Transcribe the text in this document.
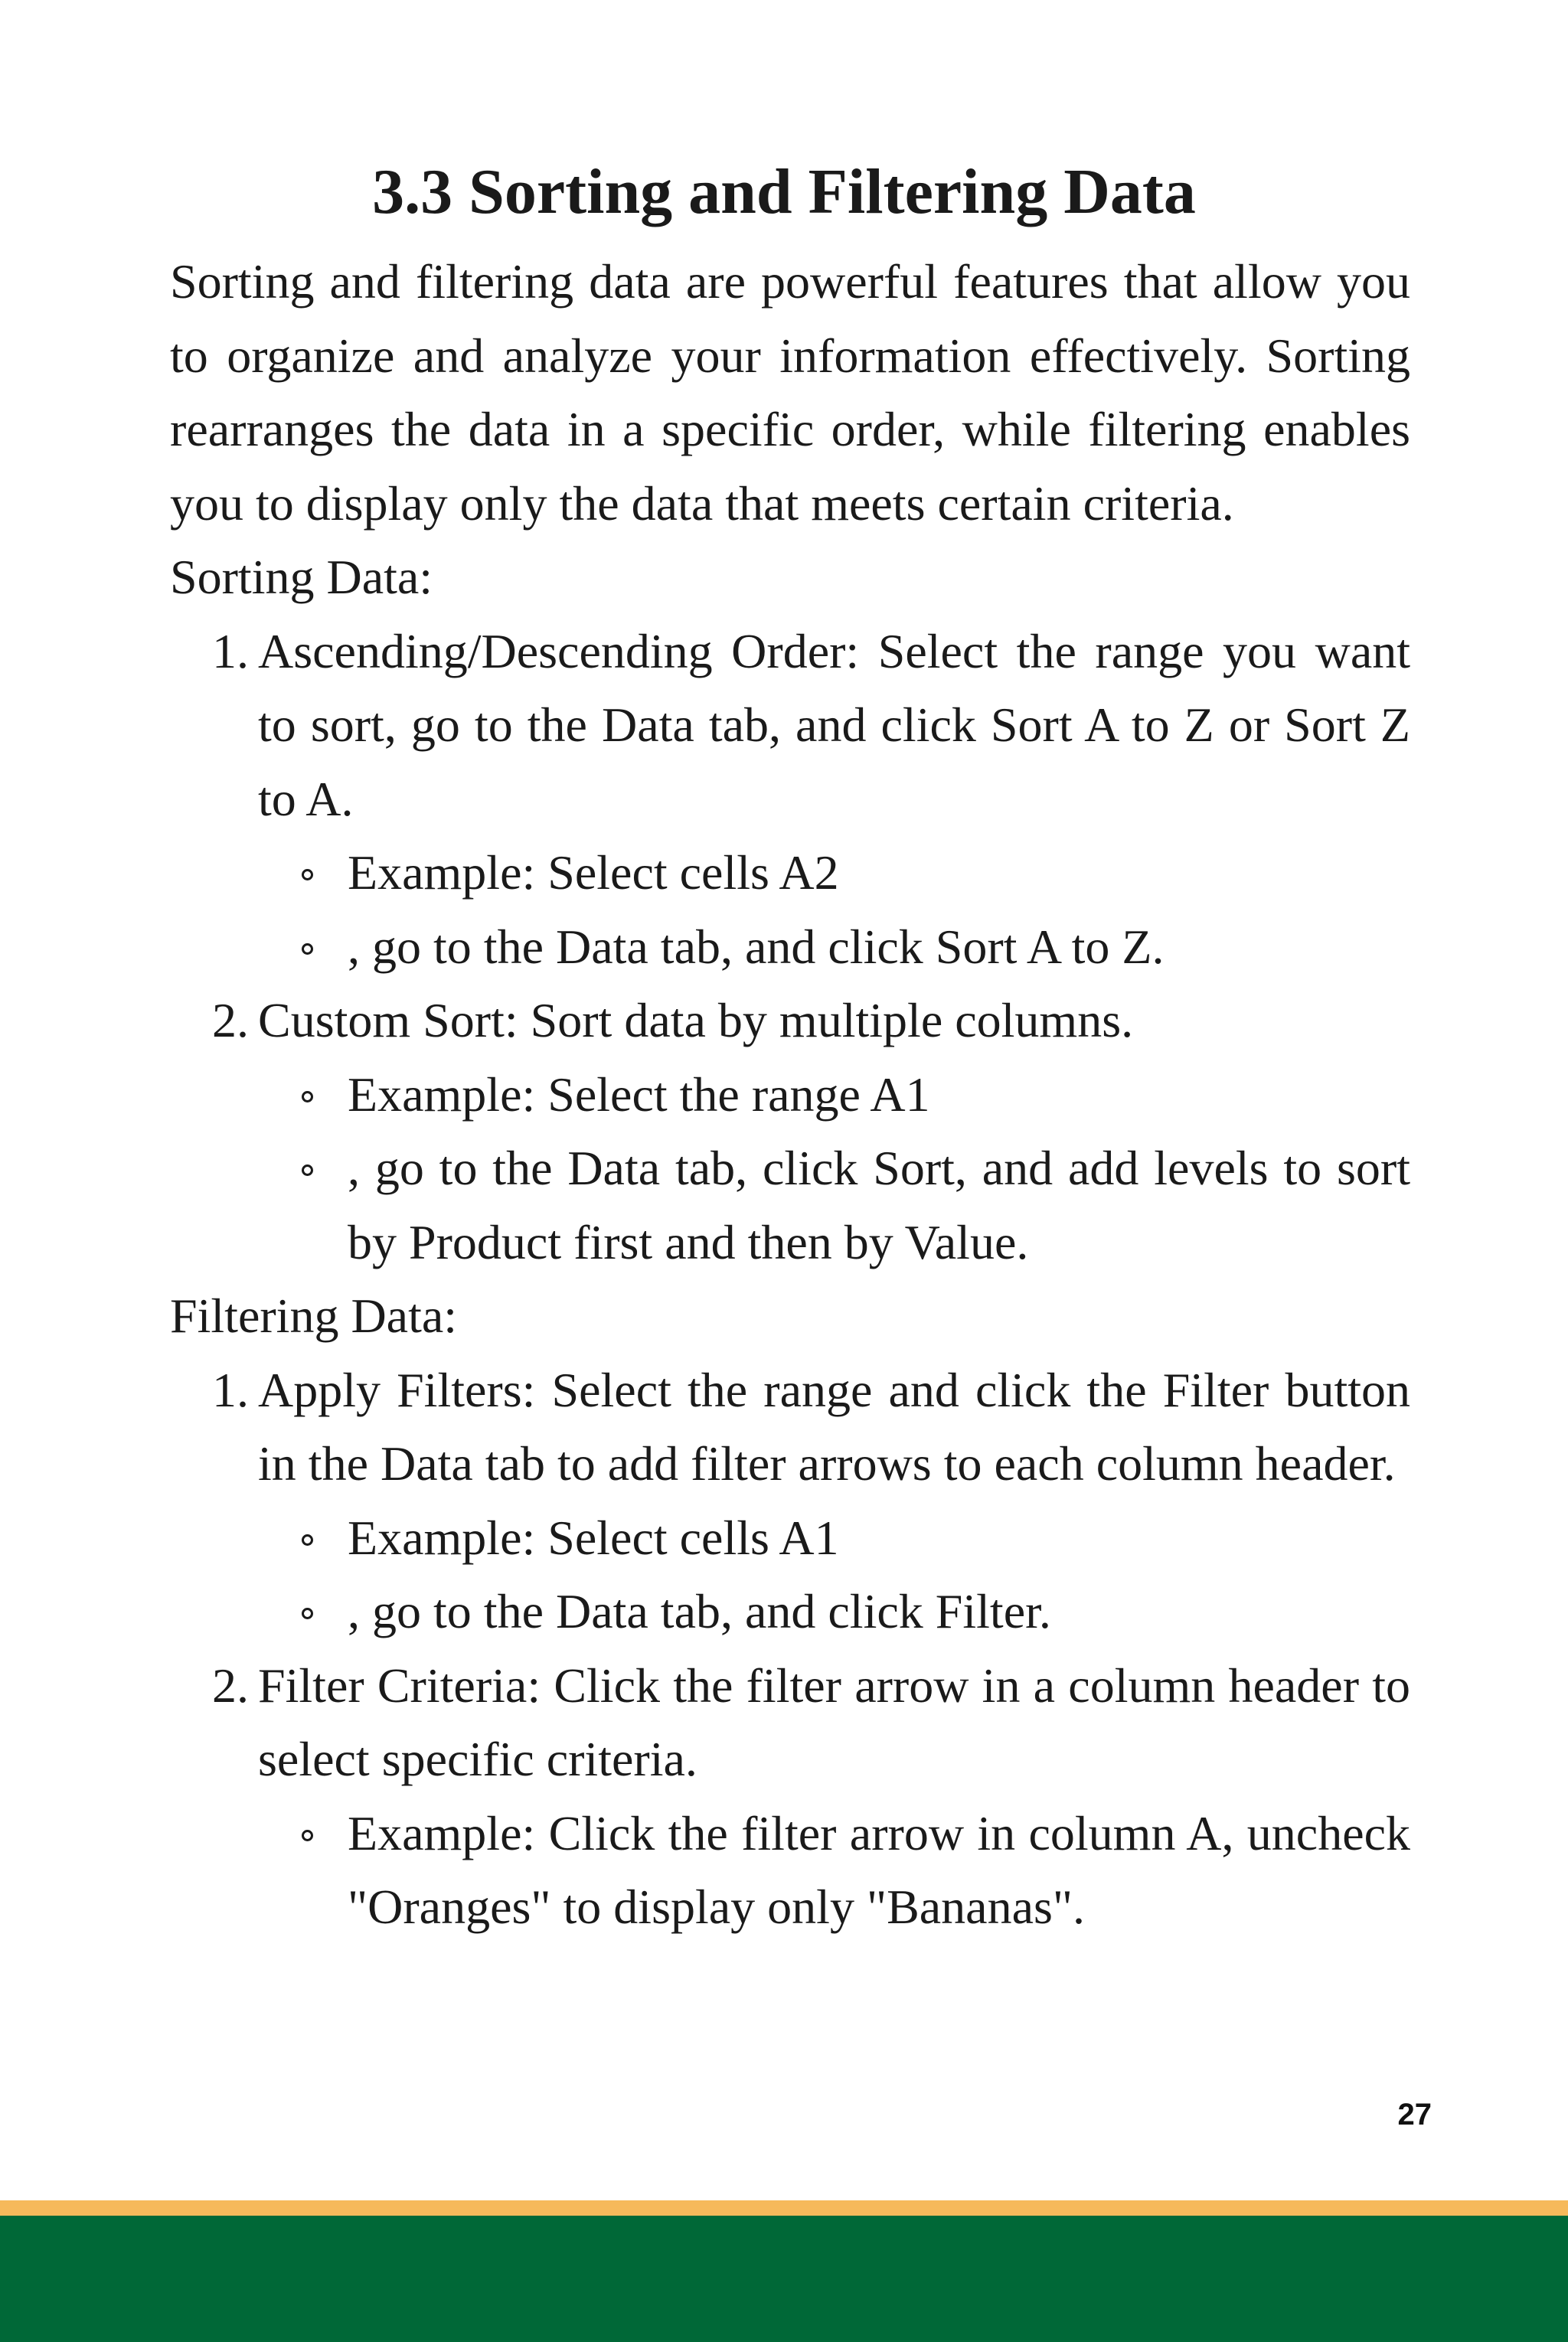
3.3 Sorting and Filtering Data

Sorting and filtering data are powerful features that allow you to organize and analyze your information effectively. Sorting rearranges the data in a specific order, while filtering enables you to display only the data that meets certain criteria.

Sorting Data:

1. Ascending/Descending Order: Select the range you want to sort, go to the Data tab, and click Sort A to Z or Sort Z to A.
Example: Select cells A2
, go to the Data tab, and click Sort A to Z.
2. Custom Sort: Sort data by multiple columns.
Example: Select the range A1
, go to the Data tab, click Sort, and add levels to sort by Product first and then by Value.

Filtering Data:

1. Apply Filters: Select the range and click the Filter button in the Data tab to add filter arrows to each column header.
Example: Select cells A1
, go to the Data tab, and click Filter.
2. Filter Criteria: Click the filter arrow in a column header to select specific criteria.
Example: Click the filter arrow in column A, uncheck "Oranges" to display only "Bananas".
27
